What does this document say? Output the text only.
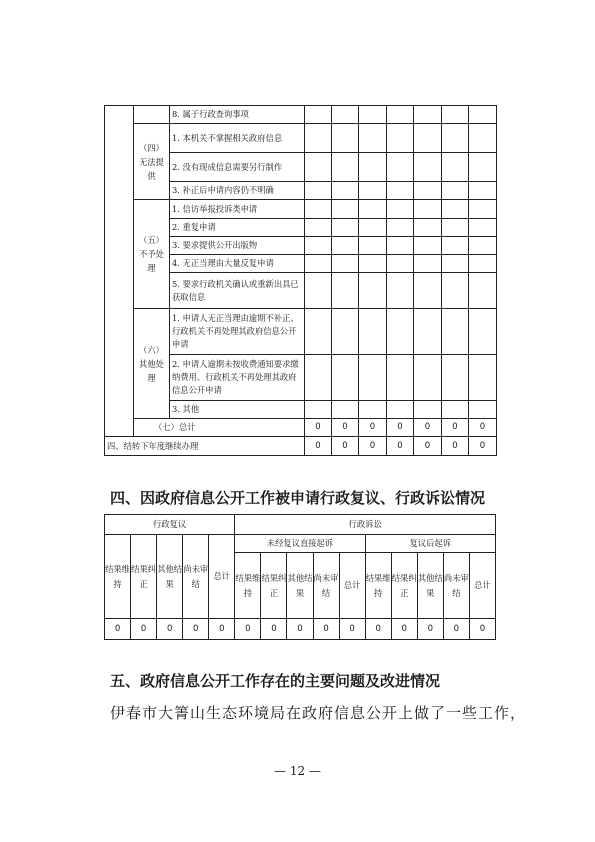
		8. 属于行政查询事项							
	（四）无法提供	1. 本机关不掌握相关政府信息							
		2. 没有现成信息需要另行制作							
		3. 补正后申请内容仍不明确							
	（五）不予处理	1. 信访举报投诉类申请							
		2. 重复申请							
		3. 要求提供公开出版物							
		4. 无正当理由大量反复申请							
		5. 要求行政机关确认或重新出具已获取信息							
	（六）其他处理	1. 申请人无正当理由逾期不补正、行政机关不再处理其政府信息公开申请							
		2. 申请人逾期未按收费通知要求缴纳费用、行政机关不再处理其政府信息公开申请							
		3. 其他							
	（七）总计		0	0	0	0	0	0	0
四、结转下年度继续办理			0	0	0	0	0	0	0
四、因政府信息公开工作被申请行政复议、行政诉讼情况
行政复议					行政诉讼									
结果维持	结果纠正	其他结果	尚未审结	总计	未经复议直接起诉					复议后起诉				
					结果维持	结果纠正	其他结果	尚未审结	总计	结果维持	结果纠正	其他结果	尚未审结	总计
0	0	0	0	0	0	0	0	0	0	0	0	0	0	0
五、政府信息公开工作存在的主要问题及改进情况
伊春市大箐山生态环境局在政府信息公开上做了一些工作，
— 12 —
